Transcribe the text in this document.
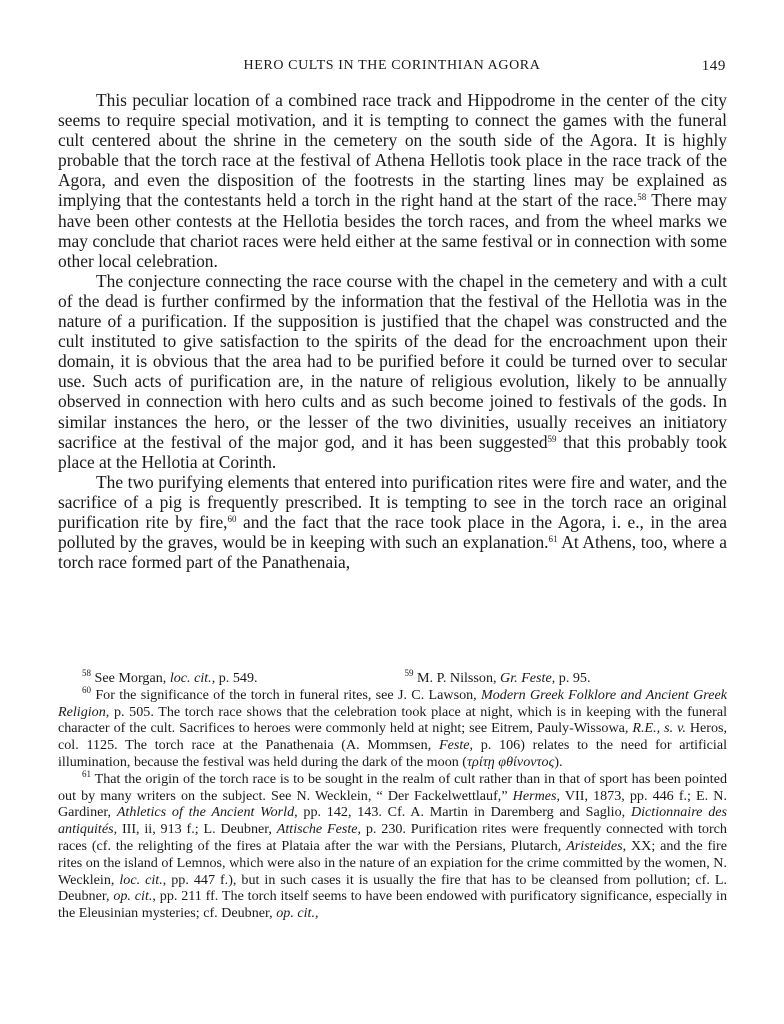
HERO CULTS IN THE CORINTHIAN AGORA	149

This peculiar location of a combined race track and Hippodrome in the center of the city seems to require special motivation, and it is tempting to connect the games with the funeral cult centered about the shrine in the cemetery on the south side of the Agora. It is highly probable that the torch race at the festival of Athena Hellotis took place in the race track of the Agora, and even the disposition of the footrests in the starting lines may be explained as implying that the contestants held a torch in the right hand at the start of the race.$^{58}$ There may have been other contests at the Hellotia besides the torch races, and from the wheel marks we may conclude that chariot races were held either at the same festival or in connection with some other local celebration.

The conjecture connecting the race course with the chapel in the cemetery and with a cult of the dead is further confirmed by the information that the festival of the Hellotia was in the nature of a purification. If the supposition is justified that the chapel was constructed and the cult instituted to give satisfaction to the spirits of the dead for the encroachment upon their domain, it is obvious that the area had to be purified before it could be turned over to secular use. Such acts of purification are, in the nature of religious evolution, likely to be annually observed in connection with hero cults and as such become joined to festivals of the gods. In similar instances the hero, or the lesser of the two divinities, usually receives an initiatory sacrifice at the festival of the major god, and it has been suggested$^{59}$ that this probably took place at the Hellotia at Corinth.

The two purifying elements that entered into purification rites were fire and water, and the sacrifice of a pig is frequently prescribed. It is tempting to see in the torch race an original purification rite by fire,$^{60}$ and the fact that the race took place in the Agora, i. e., in the area polluted by the graves, would be in keeping with such an explanation.$^{61}$ At Athens, too, where a torch race formed part of the Panathenaia,

$^{58}$ See Morgan, loc. cit., p. 549.	$^{59}$ M. P. Nilsson, Gr. Feste, p. 95.

$^{60}$ For the significance of the torch in funeral rites, see J. C. Lawson, Modern Greek Folklore and Ancient Greek Religion, p. 505. The torch race shows that the celebration took place at night, which is in keeping with the funeral character of the cult. Sacrifices to heroes were commonly held at night; see Eitrem, Pauly-Wissowa, R.E., s. v. Heros, col. 1125. The torch race at the Panathenaia (A. Mommsen, Feste, p. 106) relates to the need for artificial illumination, because the festival was held during the dark of the moon (τρίτῃ φθίνοντος).

$^{61}$ That the origin of the torch race is to be sought in the realm of cult rather than in that of sport has been pointed out by many writers on the subject. See N. Wecklein, “ Der Fackelwettlauf,” Hermes, VII, 1873, pp. 446 f.; E. N. Gardiner, Athletics of the Ancient World, pp. 142, 143. Cf. A. Martin in Daremberg and Saglio, Dictionnaire des antiquités, III, ii, 913 f.; L. Deubner, Attische Feste, p. 230. Purification rites were frequently connected with torch races (cf. the relighting of the fires at Plataia after the war with the Persians, Plutarch, Aristeides, XX; and the fire rites on the island of Lemnos, which were also in the nature of an expiation for the crime committed by the women, N. Wecklein, loc. cit., pp. 447 f.), but in such cases it is usually the fire that has to be cleansed from pollution; cf. L. Deubner, op. cit., pp. 211 ff. The torch itself seems to have been endowed with purificatory significance, especially in the Eleusinian mysteries; cf. Deubner, op. cit.,
